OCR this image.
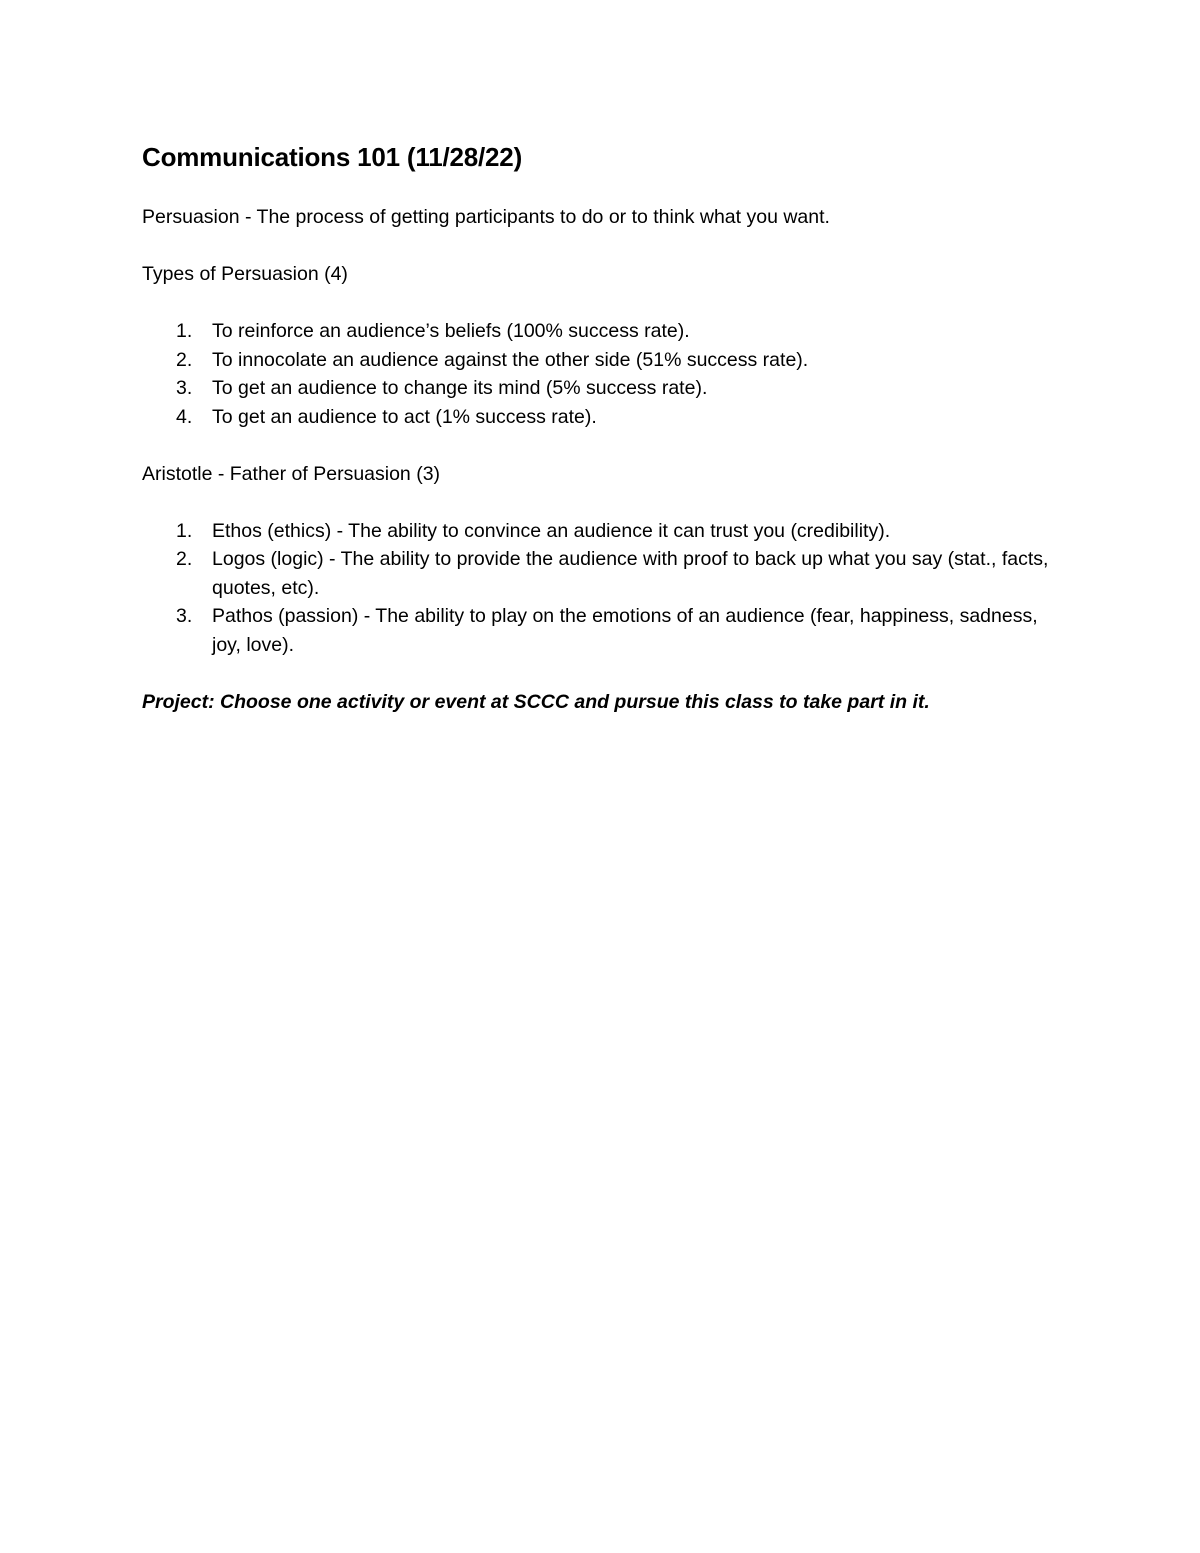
Communications 101 (11/28/22)

Persuasion - The process of getting participants to do or to think what you want.

Types of Persuasion (4)

1.	To reinforce an audience’s beliefs (100% success rate).
2.	To innocolate an audience against the other side (51% success rate).
3.	To get an audience to change its mind (5% success rate).
4.	To get an audience to act (1% success rate).

Aristotle - Father of Persuasion (3)

1.	Ethos (ethics) - The ability to convince an audience it can trust you (credibility).
2.	Logos (logic) - The ability to provide the audience with proof to back up what you say (stat., facts, quotes, etc).
3.	Pathos (passion) - The ability to play on the emotions of an audience (fear, happiness, sadness, joy, love).

Project: Choose one activity or event at SCCC and pursue this class to take part in it.
